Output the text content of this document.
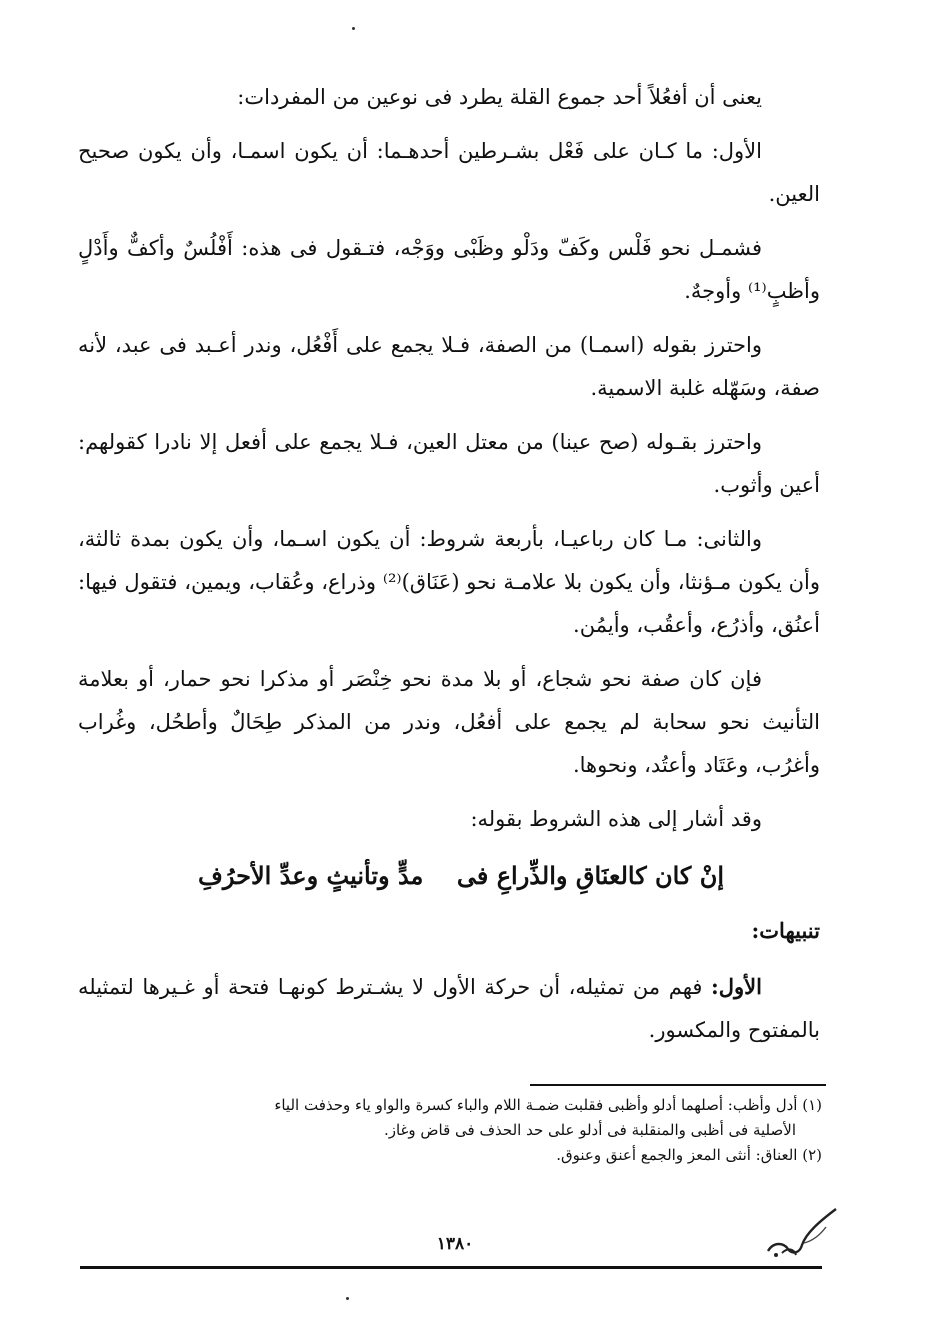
يعنى أن أفعُلاً أحد جموع القلة يطرد فى نوعين من المفردات:

الأول: ما كـان على فَعْل بشـرطين أحدهـما: أن يكون اسمـا، وأن يكون صحيح العين.

فشمـل نحو فَلْس وكَفّ ودَلْو وظَبْى ووَجْه، فتـقول فى هذه: أَفْلُسٌ وأكفٌّ وأَدْلٍ وأظبٍ⁽¹⁾ وأوجهٌ.

واحترز بقوله (اسمـا) من الصفة، فـلا يجمع على أَفْعُل، وندر أعـبد فى عبد، لأنه صفة، وسَهّله غلبة الاسمية.

واحترز بقـوله (صح عينا) من معتل العين، فـلا يجمع على أفعل إلا نادرا كقولهم: أعين وأثوب.

والثانى: مـا كان رباعيـا، بأربعة شروط: أن يكون اسـما، وأن يكون بمدة ثالثة، وأن يكون مـؤنثا، وأن يكون بلا علامـة نحو (عَنَاق)⁽²⁾ وذراع، وعُقاب، ويمين، فتقول فيها: أعنُق، وأذرُع، وأعقُب، وأيمُن.

فإن كان صفة نحو شجاع، أو بلا مدة نحو خِنْصَر أو مذكرا نحو حمار، أو بعلامة التأنيث نحو سحابة لم يجمع على أفعُل، وندر من المذكر طِحَالٌ وأطحُل، وغُراب وأغرُب، وعَتَاد وأعتُد، ونحوها.

وقد أشار إلى هذه الشروط بقوله:

إنْ كان كالعنَاقِ والذِّراعِ فى
مدٍّ وتأنيثٍ وعدِّ الأحرُفِ

تنبيهات:

الأول: فهم من تمثيله، أن حركة الأول لا يشـترط كونهـا فتحة أو غـيرها لتمثيله بالمفتوح والمكسور.

(١) أدل وأظب: أصلهما أدلو وأظبى فقلبت ضمـة اللام والباء كسرة والواو ياء وحذفت الياء

الأصلية فى أظبى والمنقلبة فى أدلو على حد الحذف فى قاض وغاز.

(٢) العناق: أنثى المعز والجمع أعنق وعنوق.

١٣٨٠
